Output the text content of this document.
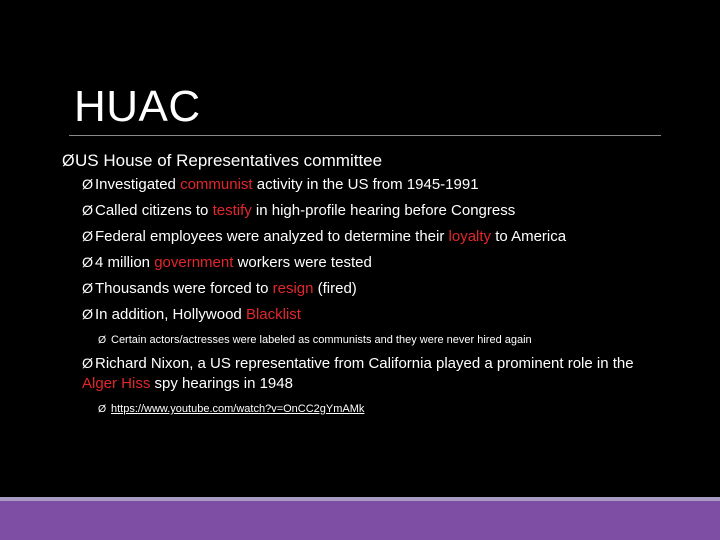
HUAC
ØUS House of Representatives committee
Ø Investigated communist activity in the US from 1945-1991
Ø Called citizens to testify in high-profile hearing before Congress
Ø Federal employees were analyzed to determine their loyalty to America
Ø 4 million government workers were tested
Ø Thousands were forced to resign (fired)
Ø In addition, Hollywood Blacklist
Ø Certain actors/actresses were labeled as communists and they were never hired again
Ø Richard Nixon, a US representative from California played a prominent role in the Alger Hiss spy hearings in 1948
Ø https://www.youtube.com/watch?v=OnCC2gYmAMk
